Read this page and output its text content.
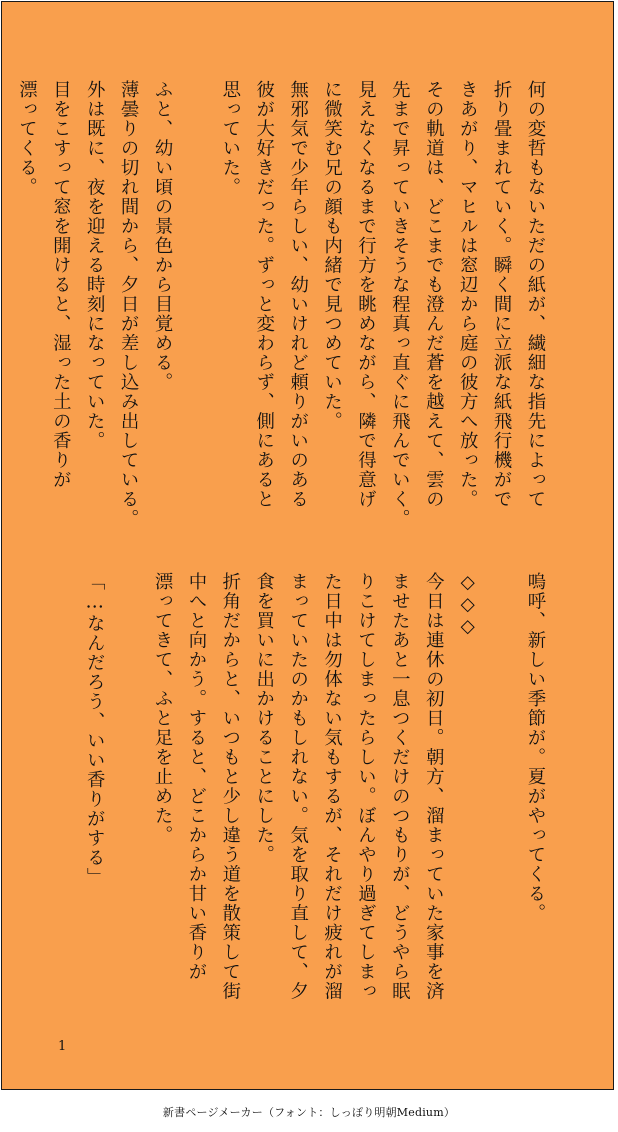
何の変哲もないただの紙が、繊細な指先によって

折り畳まれていく。瞬く間に立派な紙飛行機がで

きあがり、マヒルは窓辺から庭の彼方へ放った。

その軌道は、どこまでも澄んだ蒼を越えて、雲の

先まで昇っていきそうな程真っ直ぐに飛んでいく。

見えなくなるまで行方を眺めながら、隣で得意げ

に微笑む兄の顔も内緒で見つめていた。

無邪気で少年らしい、幼いけれど頼りがいのある

彼が大好きだった。ずっと変わらず、側にあると

思っていた。

ふと、幼い頃の景色から目覚める。

薄曇りの切れ間から、夕日が差し込み出している。

外は既に、夜を迎える時刻になっていた。

目をこすって窓を開けると、湿った土の香りが

漂ってくる。

嗚呼、新しい季節が。夏がやってくる。

◇◇◇

今日は連休の初日。朝方、溜まっていた家事を済

ませたあと一息つくだけのつもりが、どうやら眠

りこけてしまったらしい。ぼんやり過ぎてしまっ

た日中は勿体ない気もするが、それだけ疲れが溜

まっていたのかもしれない。気を取り直して、夕

食を買いに出かけることにした。

折角だからと、いつもと少し違う道を散策して街

中へと向かう。すると、どこからか甘い香りが

漂ってきて、ふと足を止めた。

「…なんだろう、いい香りがする」

1
新書ページメーカー（フォント：しっぽり明朝Medium）
